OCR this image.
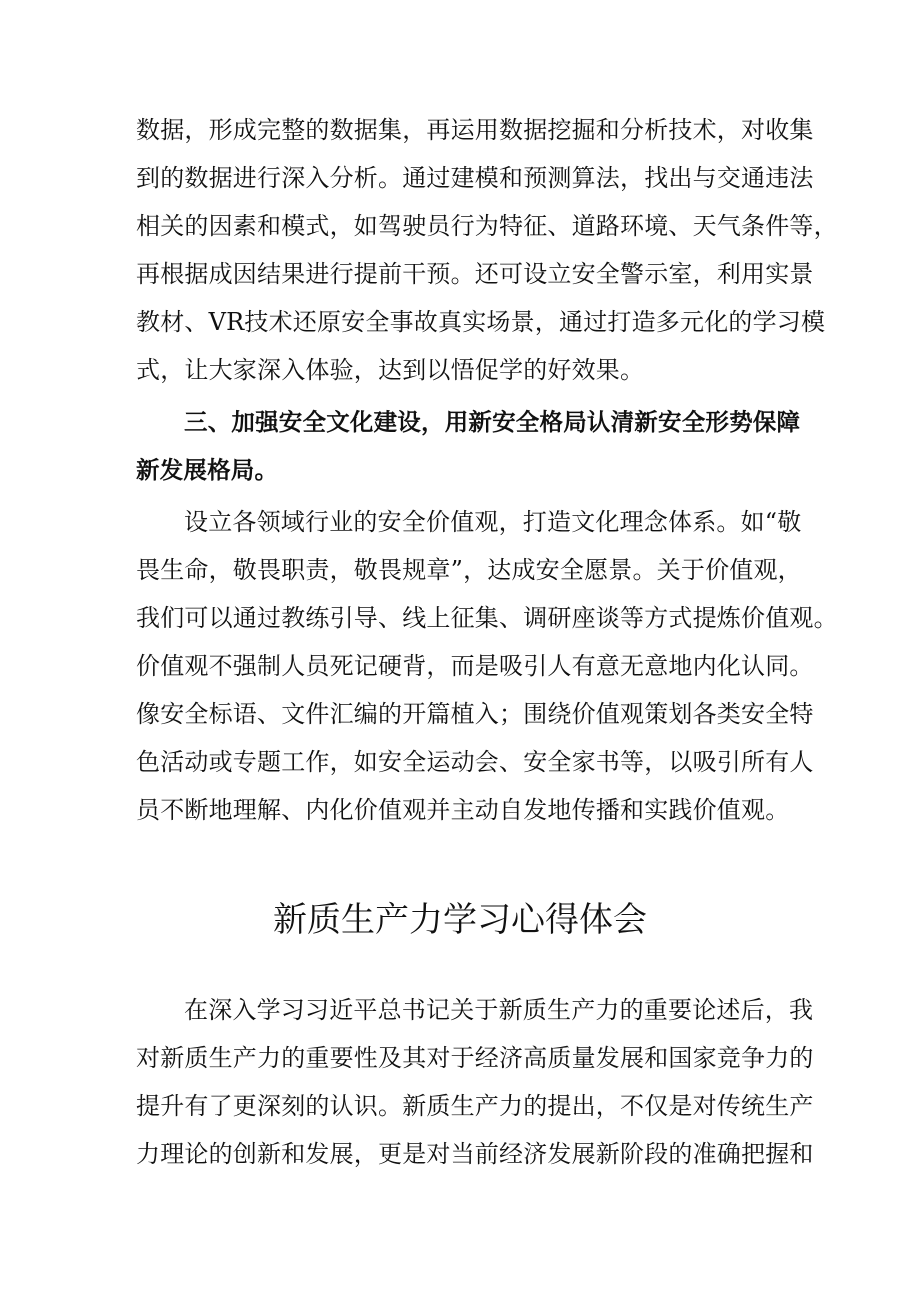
数据，形成完整的数据集，再运用数据挖掘和分析技术，对收集
到的数据进行深入分析。通过建模和预测算法，找出与交通违法
相关的因素和模式，如驾驶员行为特征、道路环境、天气条件等，
再根据成因结果进行提前干预。还可设立安全警示室，利用实景
教材、VR技术还原安全事故真实场景，通过打造多元化的学习模
式，让大家深入体验，达到以悟促学的好效果。
三、加强安全文化建设，用新安全格局认清新安全形势保障
新发展格局。
设立各领域行业的安全价值观，打造文化理念体系。如“敬
畏生命，敬畏职责，敬畏规章”，达成安全愿景。关于价值观，
我们可以通过教练引导、线上征集、调研座谈等方式提炼价值观。
价值观不强制人员死记硬背，而是吸引人有意无意地内化认同。
像安全标语、文件汇编的开篇植入；围绕价值观策划各类安全特
色活动或专题工作，如安全运动会、安全家书等，以吸引所有人
员不断地理解、内化价值观并主动自发地传播和实践价值观。
新质生产力学习心得体会
在深入学习习近平总书记关于新质生产力的重要论述后，我
对新质生产力的重要性及其对于经济高质量发展和国家竞争力的
提升有了更深刻的认识。新质生产力的提出，不仅是对传统生产
力理论的创新和发展，更是对当前经济发展新阶段的准确把握和
